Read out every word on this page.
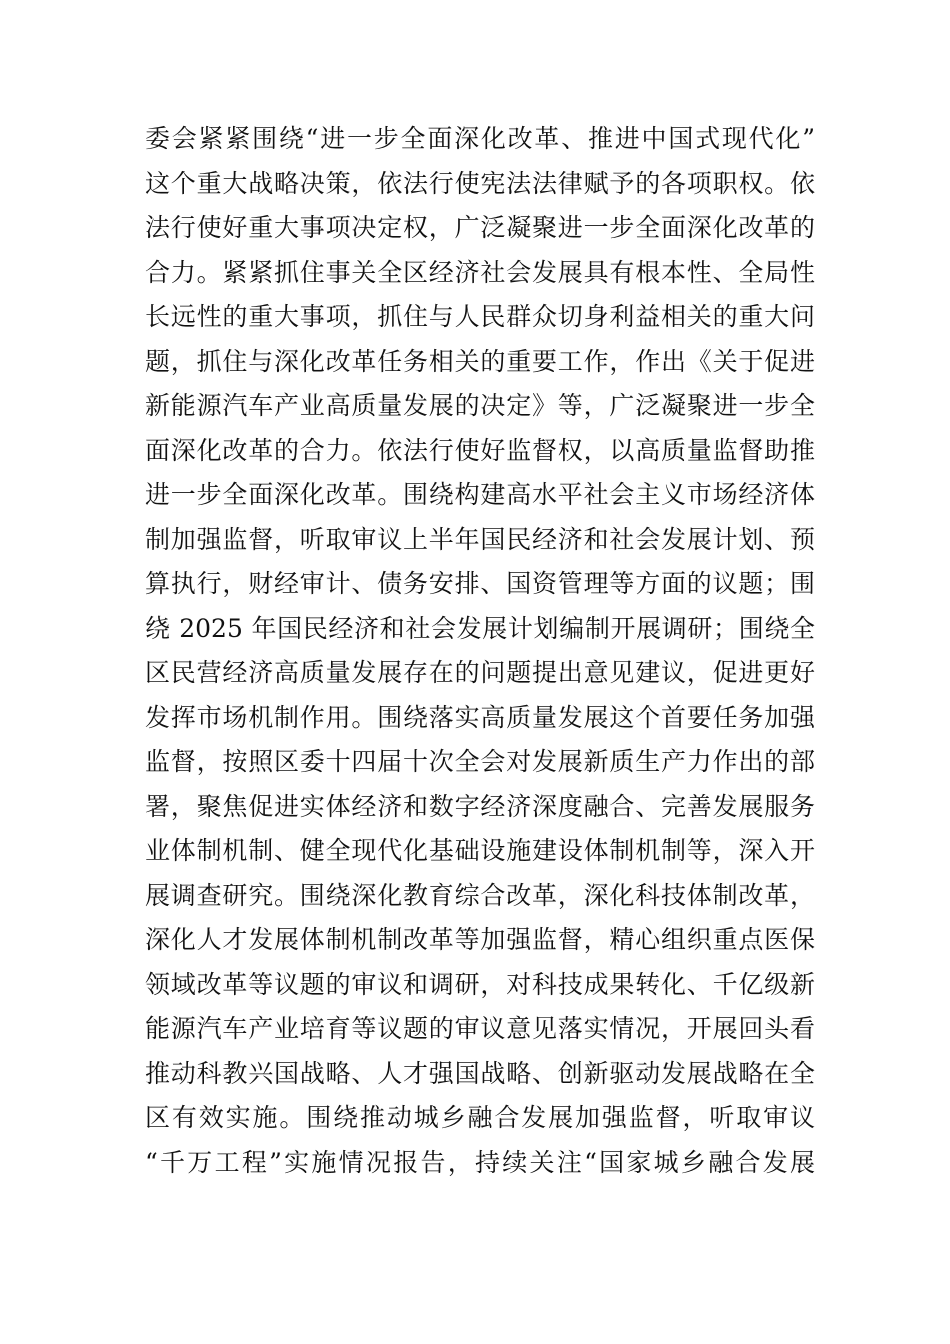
委会紧紧围绕“进一步全面深化改革、推进中国式现代化”
这个重大战略决策，依法行使宪法法律赋予的各项职权。依
法行使好重大事项决定权，广泛凝聚进一步全面深化改革的
合力。紧紧抓住事关全区经济社会发展具有根本性、全局性
长远性的重大事项，抓住与人民群众切身利益相关的重大问
题，抓住与深化改革任务相关的重要工作，作出《关于促进
新能源汽车产业高质量发展的决定》等，广泛凝聚进一步全
面深化改革的合力。依法行使好监督权，以高质量监督助推
进一步全面深化改革。围绕构建高水平社会主义市场经济体
制加强监督，听取审议上半年国民经济和社会发展计划、预
算执行，财经审计、债务安排、国资管理等方面的议题；围
绕 2025 年国民经济和社会发展计划编制开展调研；围绕全
区民营经济高质量发展存在的问题提出意见建议，促进更好
发挥市场机制作用。围绕落实高质量发展这个首要任务加强
监督，按照区委十四届十次全会对发展新质生产力作出的部
署，聚焦促进实体经济和数字经济深度融合、完善发展服务
业体制机制、健全现代化基础设施建设体制机制等，深入开
展调查研究。围绕深化教育综合改革，深化科技体制改革，
深化人才发展体制机制改革等加强监督，精心组织重点医保
领域改革等议题的审议和调研，对科技成果转化、千亿级新
能源汽车产业培育等议题的审议意见落实情况，开展回头看
推动科教兴国战略、人才强国战略、创新驱动发展战略在全
区有效实施。围绕推动城乡融合发展加强监督，听取审议
“千万工程”实施情况报告，持续关注“国家城乡融合发展
